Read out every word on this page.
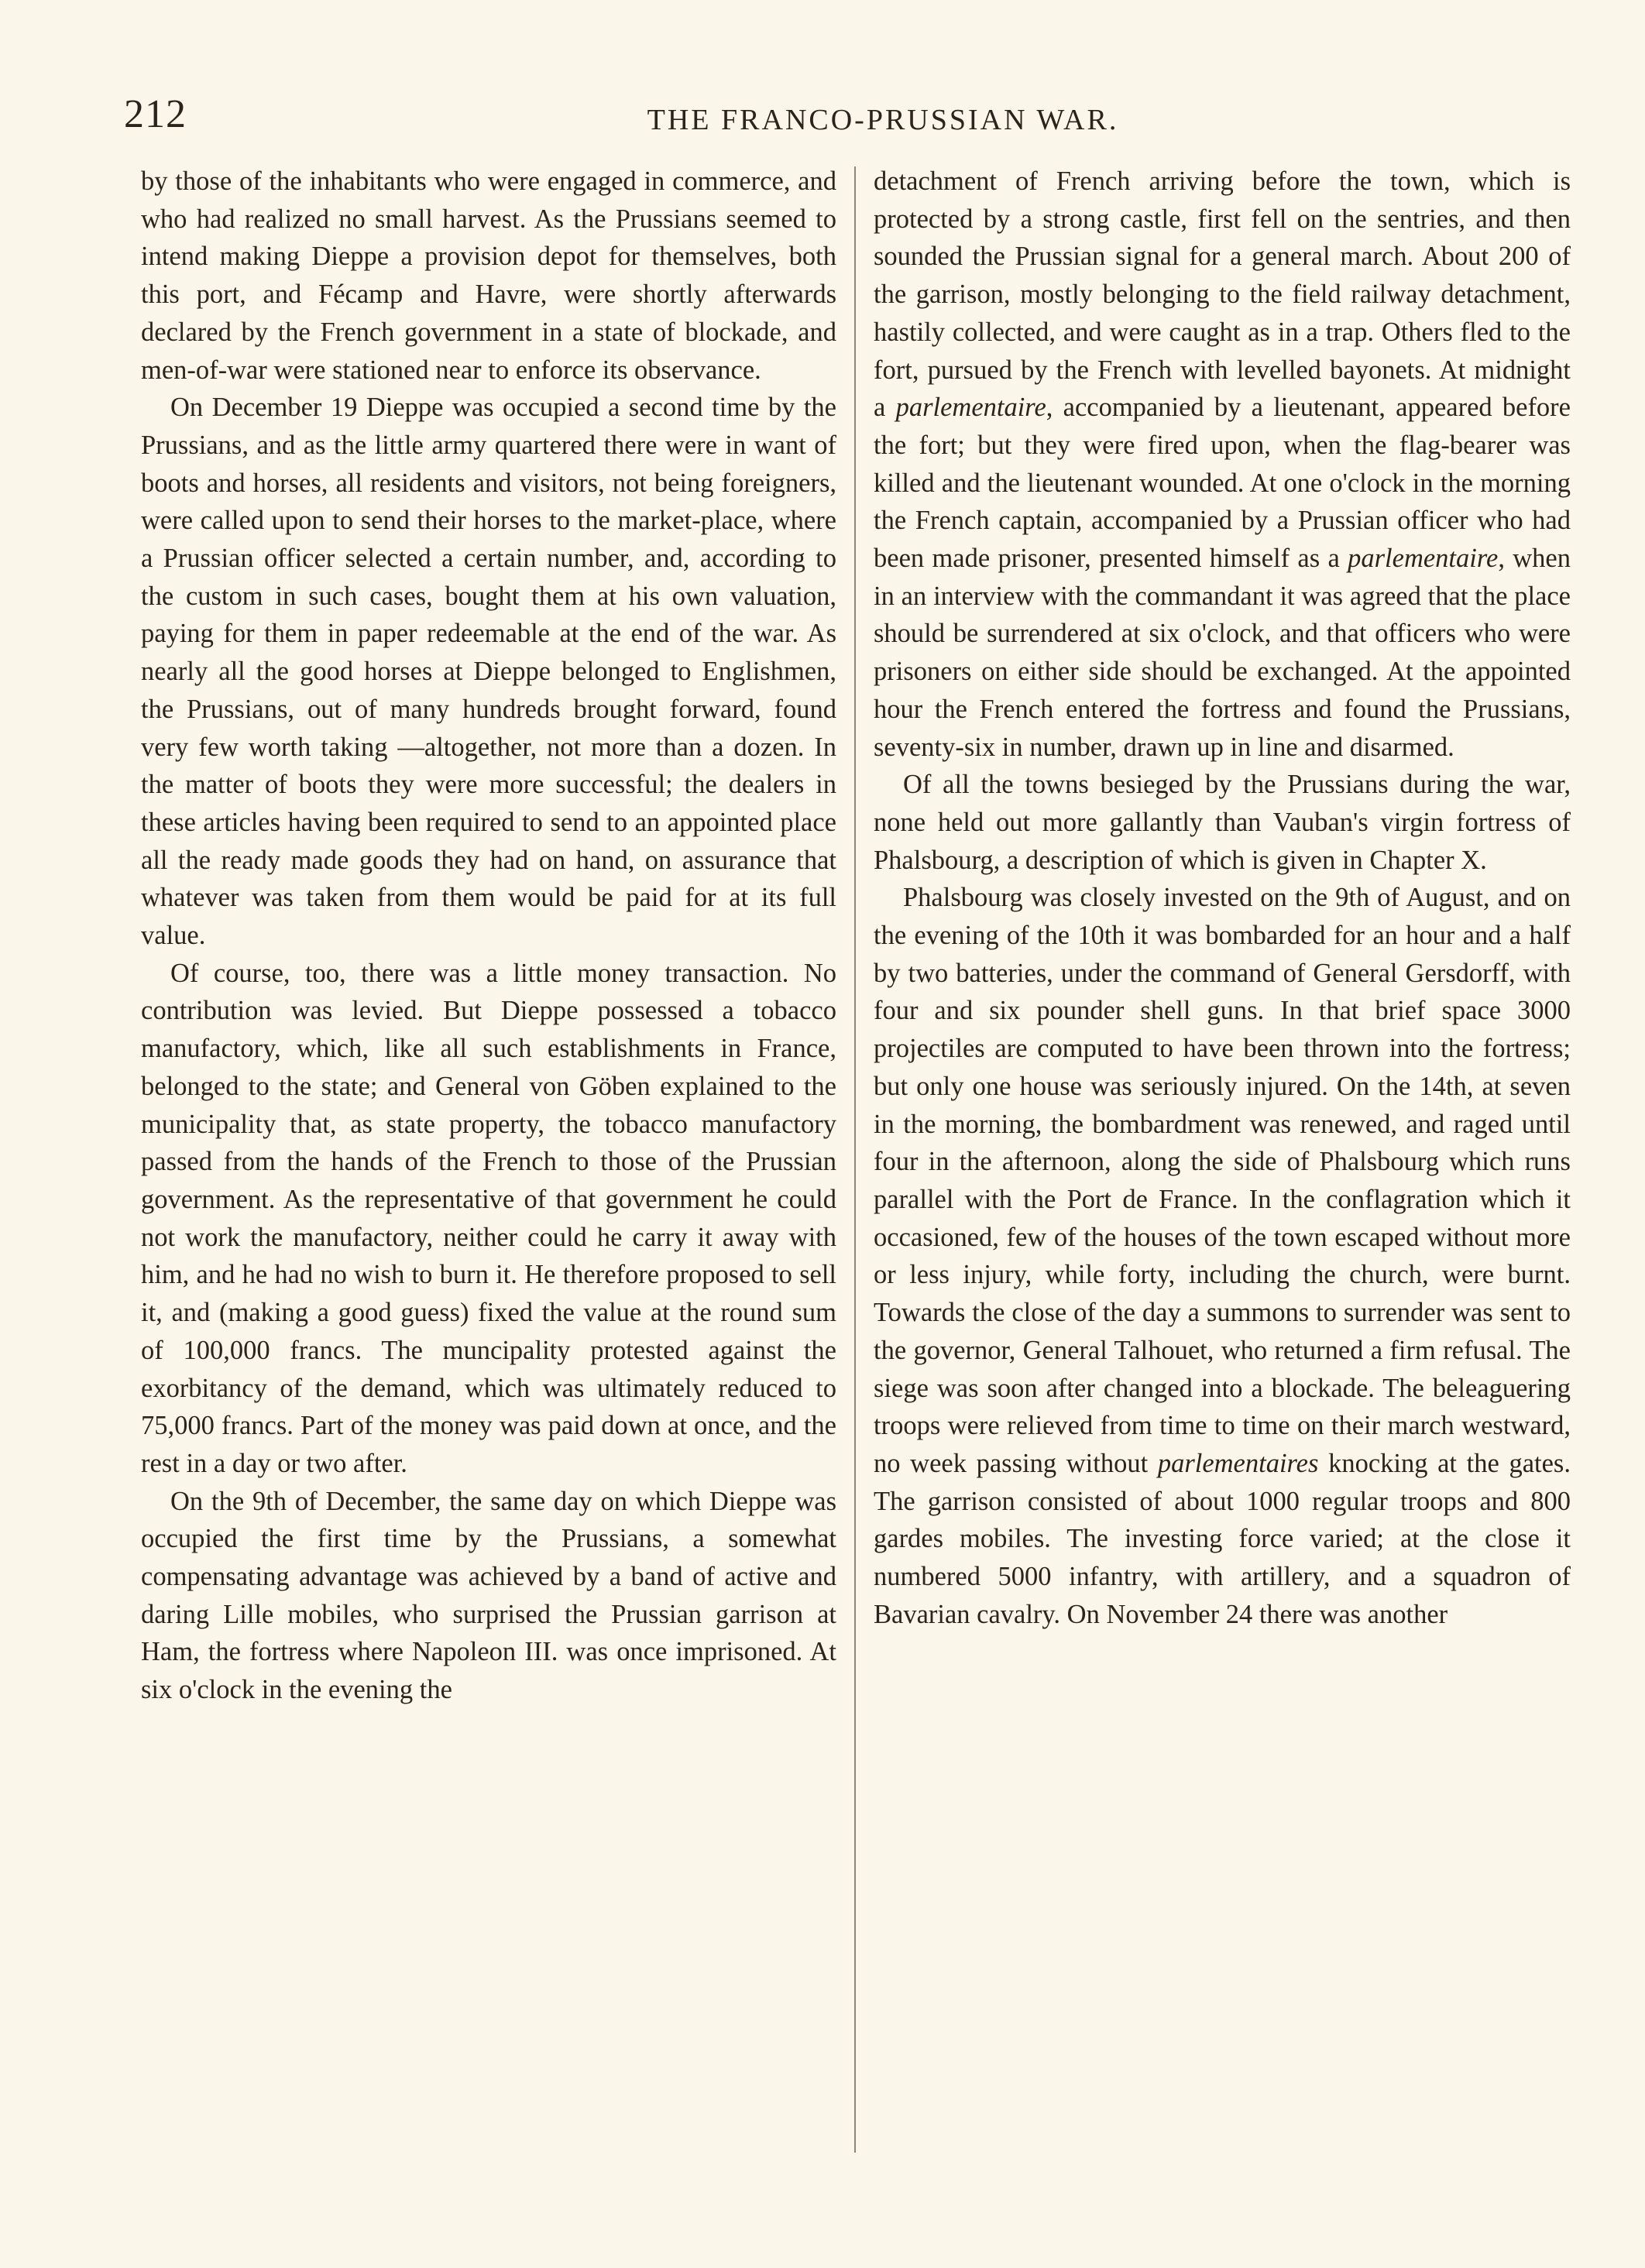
212	THE FRANCO-PRUSSIAN WAR.

by those of the inhabitants who were engaged in commerce, and who had realized no small harvest. As the Prussians seemed to intend making Dieppe a provision depot for themselves, both this port, and Fécamp and Havre, were shortly afterwards declared by the French government in a state of blockade, and men-of-war were stationed near to enforce its observance.

On December 19 Dieppe was occupied a second time by the Prussians, and as the little army quartered there were in want of boots and horses, all residents and visitors, not being foreigners, were called upon to send their horses to the market-place, where a Prussian officer selected a certain number, and, according to the custom in such cases, bought them at his own valuation, paying for them in paper redeemable at the end of the war. As nearly all the good horses at Dieppe belonged to Englishmen, the Prussians, out of many hundreds brought forward, found very few worth taking —altogether, not more than a dozen. In the matter of boots they were more successful; the dealers in these articles having been required to send to an appointed place all the ready made goods they had on hand, on assurance that whatever was taken from them would be paid for at its full value.

Of course, too, there was a little money transaction. No contribution was levied. But Dieppe possessed a tobacco manufactory, which, like all such establishments in France, belonged to the state; and General von Göben explained to the municipality that, as state property, the tobacco manufactory passed from the hands of the French to those of the Prussian government. As the representative of that government he could not work the manufactory, neither could he carry it away with him, and he had no wish to burn it. He therefore proposed to sell it, and (making a good guess) fixed the value at the round sum of 100,000 francs. The muncipality protested against the exorbitancy of the demand, which was ultimately reduced to 75,000 francs. Part of the money was paid down at once, and the rest in a day or two after.

On the 9th of December, the same day on which Dieppe was occupied the first time by the Prussians, a somewhat compensating advantage was achieved by a band of active and daring Lille mobiles, who surprised the Prussian garrison at Ham, the fortress where Napoleon III. was once imprisoned. At six o'clock in the evening the

detachment of French arriving before the town, which is protected by a strong castle, first fell on the sentries, and then sounded the Prussian signal for a general march. About 200 of the garrison, mostly belonging to the field railway detachment, hastily collected, and were caught as in a trap. Others fled to the fort, pursued by the French with levelled bayonets. At midnight a parlementaire, accompanied by a lieutenant, appeared before the fort; but they were fired upon, when the flag-bearer was killed and the lieutenant wounded. At one o'clock in the morning the French captain, accompanied by a Prussian officer who had been made prisoner, presented himself as a parlementaire, when in an interview with the commandant it was agreed that the place should be surrendered at six o'clock, and that officers who were prisoners on either side should be exchanged. At the appointed hour the French entered the fortress and found the Prussians, seventy-six in number, drawn up in line and disarmed.

Of all the towns besieged by the Prussians during the war, none held out more gallantly than Vauban's virgin fortress of Phalsbourg, a description of which is given in Chapter X.

Phalsbourg was closely invested on the 9th of August, and on the evening of the 10th it was bombarded for an hour and a half by two batteries, under the command of General Gersdorff, with four and six pounder shell guns. In that brief space 3000 projectiles are computed to have been thrown into the fortress; but only one house was seriously injured. On the 14th, at seven in the morning, the bombardment was renewed, and raged until four in the afternoon, along the side of Phalsbourg which runs parallel with the Port de France. In the conflagration which it occasioned, few of the houses of the town escaped without more or less injury, while forty, including the church, were burnt. Towards the close of the day a summons to surrender was sent to the governor, General Talhouet, who returned a firm refusal. The siege was soon after changed into a blockade. The beleaguering troops were relieved from time to time on their march westward, no week passing without parlementaires knocking at the gates. The garrison consisted of about 1000 regular troops and 800 gardes mobiles. The investing force varied; at the close it numbered 5000 infantry, with artillery, and a squadron of Bavarian cavalry. On November 24 there was another
